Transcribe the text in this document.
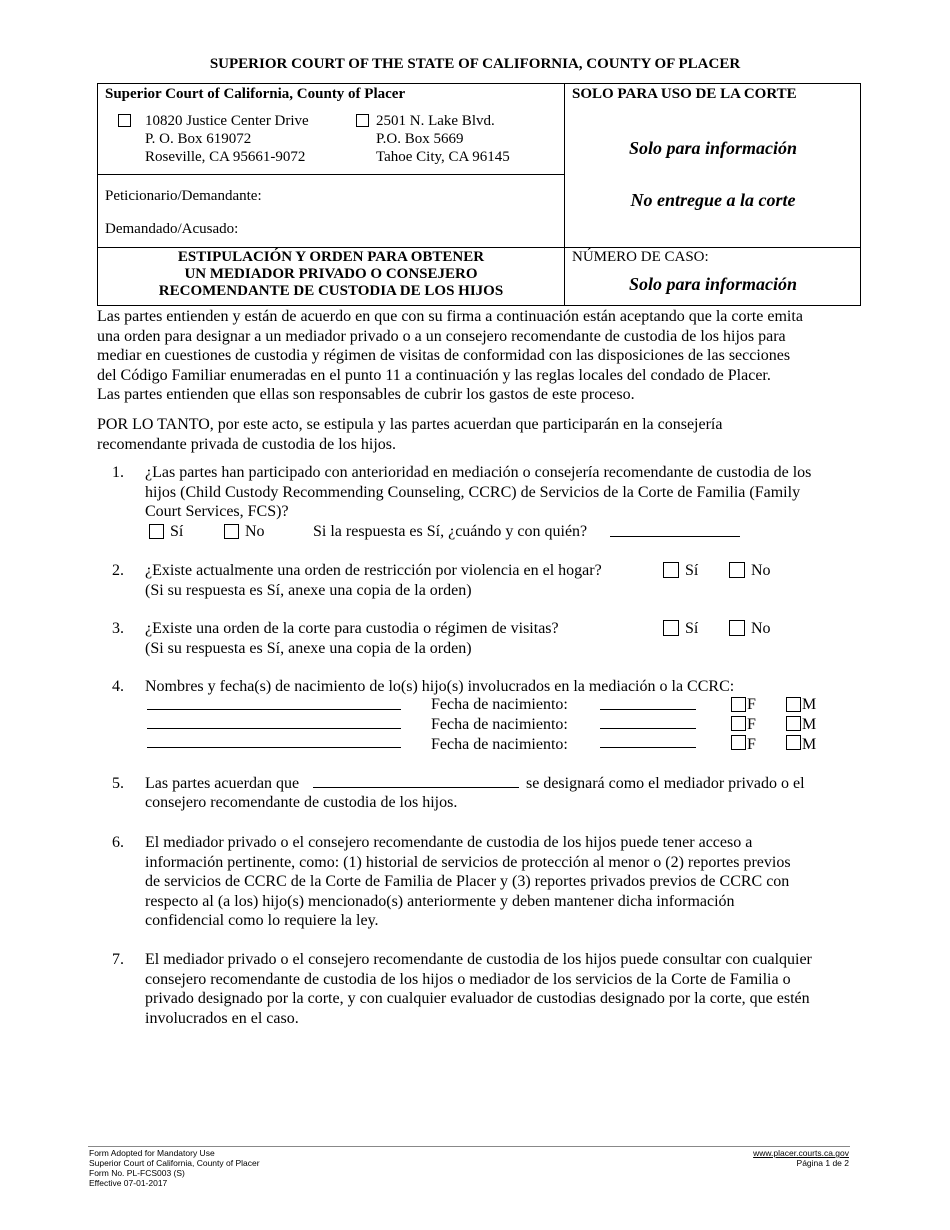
SUPERIOR COURT OF THE STATE OF CALIFORNIA, COUNTY OF PLACER
Superior Court of California, County of Placer
10820 Justice Center Drive
P. O. Box 619072
Roseville, CA 95661-9072
2501 N. Lake Blvd.
P.O. Box 5669
Tahoe City, CA 96145
Peticionario/Demandante:
Demandado/Acusado:
SOLO PARA USO DE LA CORTE
Solo para información
No entregue a la corte
NÚMERO DE CASO:
Solo para información
ESTIPULACIÓN Y ORDEN PARA OBTENER
UN MEDIADOR PRIVADO O CONSEJERO
RECOMENDANTE DE CUSTODIA DE LOS HIJOS
Las partes entienden y están de acuerdo en que con su firma a continuación están aceptando que la corte emita
una orden para designar a un mediador privado o a un consejero recomendante de custodia de los hijos para
mediar en cuestiones de custodia y régimen de visitas de conformidad con las disposiciones de las secciones
del Código Familiar enumeradas en el punto 11 a continuación y las reglas locales del condado de Placer.
Las partes entienden que ellas son responsables de cubrir los gastos de este proceso.
POR LO TANTO, por este acto, se estipula y las partes acuerdan que participarán en la consejería
recomendante privada de custodia de los hijos.
1. ¿Las partes han participado con anterioridad en mediación o consejería recomendante de custodia de los
hijos (Child Custody Recommending Counseling, CCRC) de Servicios de la Corte de Familia (Family
Court Services, FCS)?
Sí	No	Si la respuesta es Sí, ¿cuándo y con quién?
2. ¿Existe actualmente una orden de restricción por violencia en el hogar?
(Si su respuesta es Sí, anexe una copia de la orden)
Sí	No
3. ¿Existe una orden de la corte para custodia o régimen de visitas?
(Si su respuesta es Sí, anexe una copia de la orden)
Sí	No
4. Nombres y fecha(s) de nacimiento de lo(s) hijo(s) involucrados en la mediación o la CCRC:
Fecha de nacimiento:	F	M
Fecha de nacimiento:	F	M
Fecha de nacimiento:	F	M
5. Las partes acuerdan que	se designará como el mediador privado o el
consejero recomendante de custodia de los hijos.
6. El mediador privado o el consejero recomendante de custodia de los hijos puede tener acceso a
información pertinente, como: (1) historial de servicios de protección al menor o (2) reportes previos
de servicios de CCRC de la Corte de Familia de Placer y (3) reportes privados previos de CCRC con
respecto al (a los) hijo(s) mencionado(s) anteriormente y deben mantener dicha información
confidencial como lo requiere la ley.
7. El mediador privado o el consejero recomendante de custodia de los hijos puede consultar con cualquier
consejero recomendante de custodia de los hijos o mediador de los servicios de la Corte de Familia o
privado designado por la corte, y con cualquier evaluador de custodias designado por la corte, que estén
involucrados en el caso.
Form Adopted for Mandatory Use
Superior Court of California, County of Placer
Form No. PL-FCS003 (S)
Effective 07-01-2017
www.placer.courts.ca.gov
Página 1 de 2
